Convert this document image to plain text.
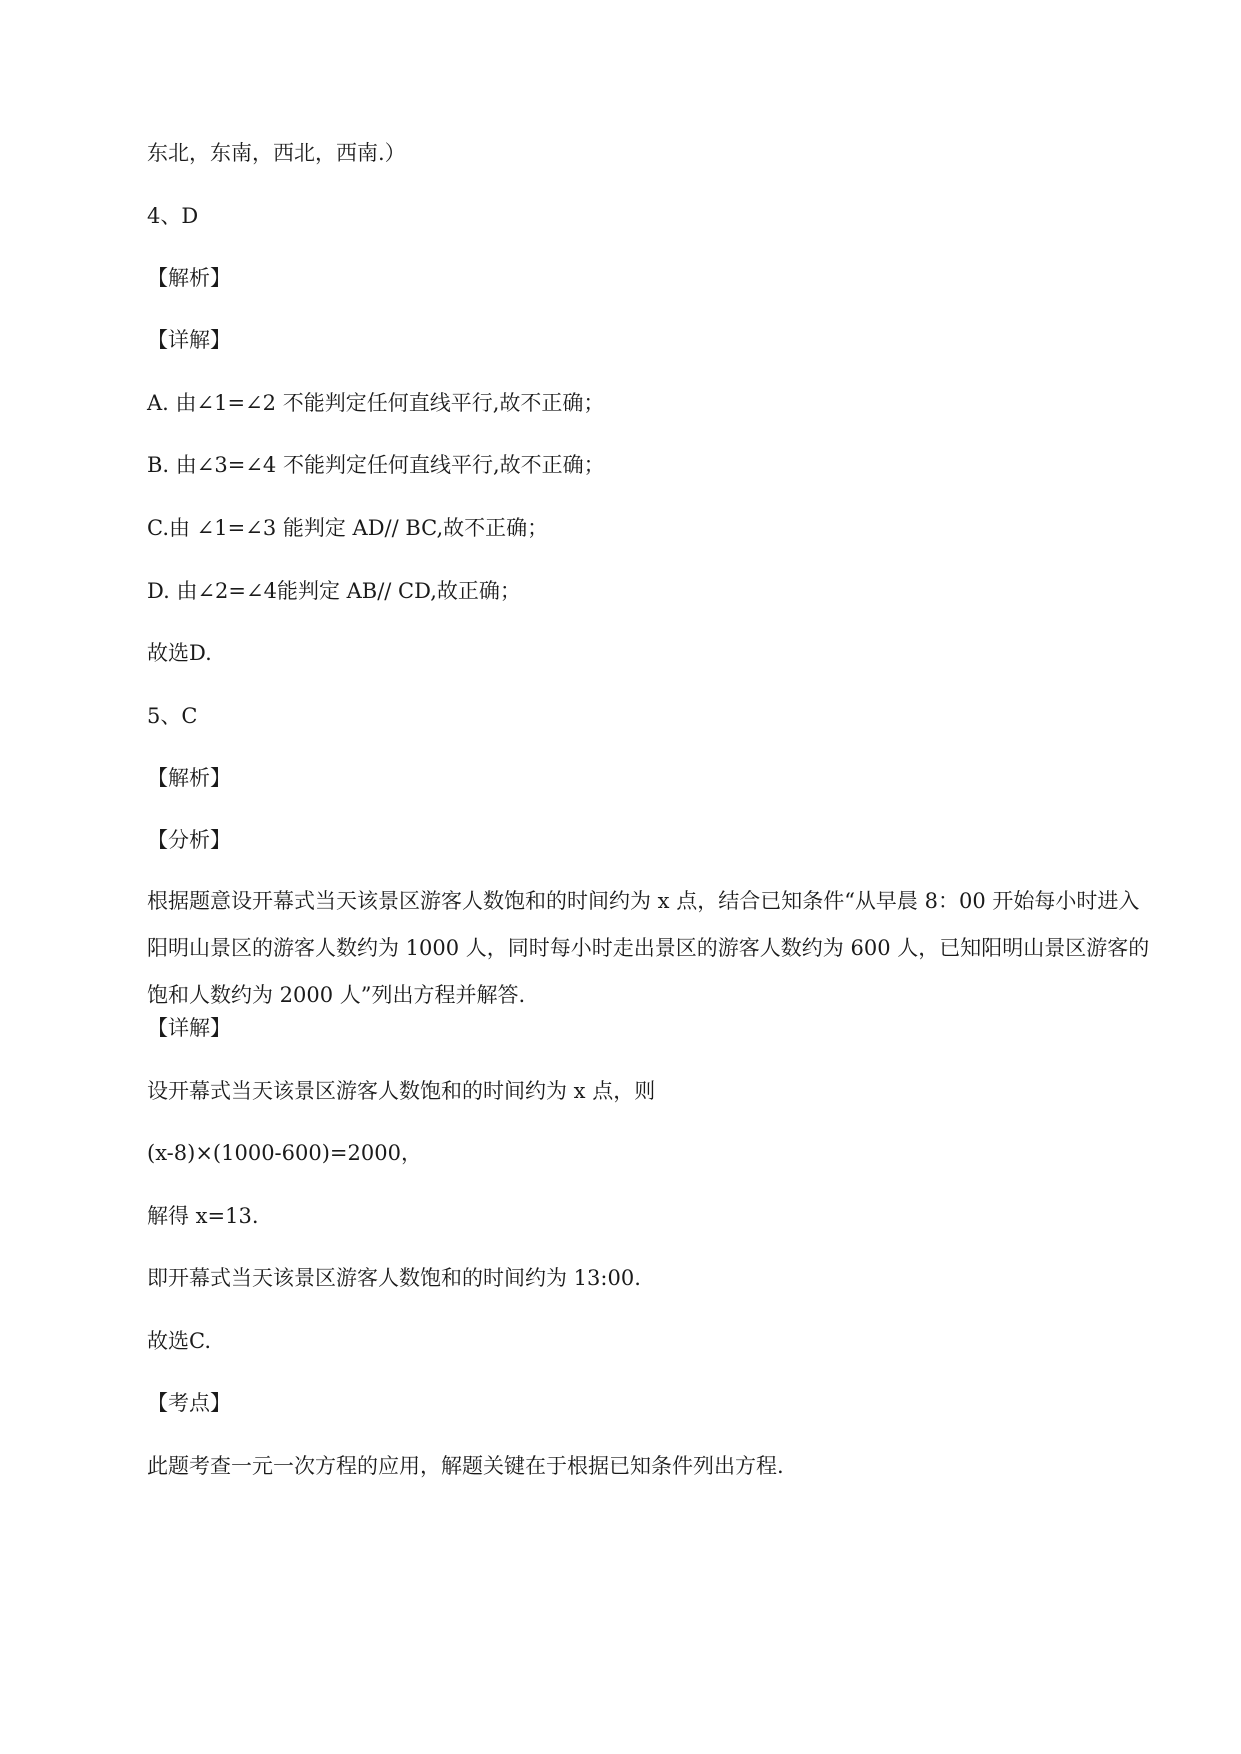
东北，东南，西北，西南.）
4、D
【解析】
【详解】
A. 由∠1=∠2 不能判定任何直线平行,故不正确；
B. 由∠3=∠4 不能判定任何直线平行,故不正确；
C.由 ∠1=∠3 能判定 AD// BC,故不正确；
D. 由∠2=∠4能判定 AB// CD,故正确；
故选D.
5、C
【解析】
【分析】
根据题意设开幕式当天该景区游客人数饱和的时间约为 x 点，结合已知条件“从早晨 8：00 开始每小时进入阳明山景区的游客人数约为 1000 人，同时每小时走出景区的游客人数约为 600 人，已知阳明山景区游客的饱和人数约为 2000 人”列出方程并解答.
【详解】
设开幕式当天该景区游客人数饱和的时间约为 x 点，则
(x-8)×(1000-600)=2000，
解得 x=13.
即开幕式当天该景区游客人数饱和的时间约为 13:00.
故选C.
【考点】
此题考查一元一次方程的应用，解题关键在于根据已知条件列出方程.
